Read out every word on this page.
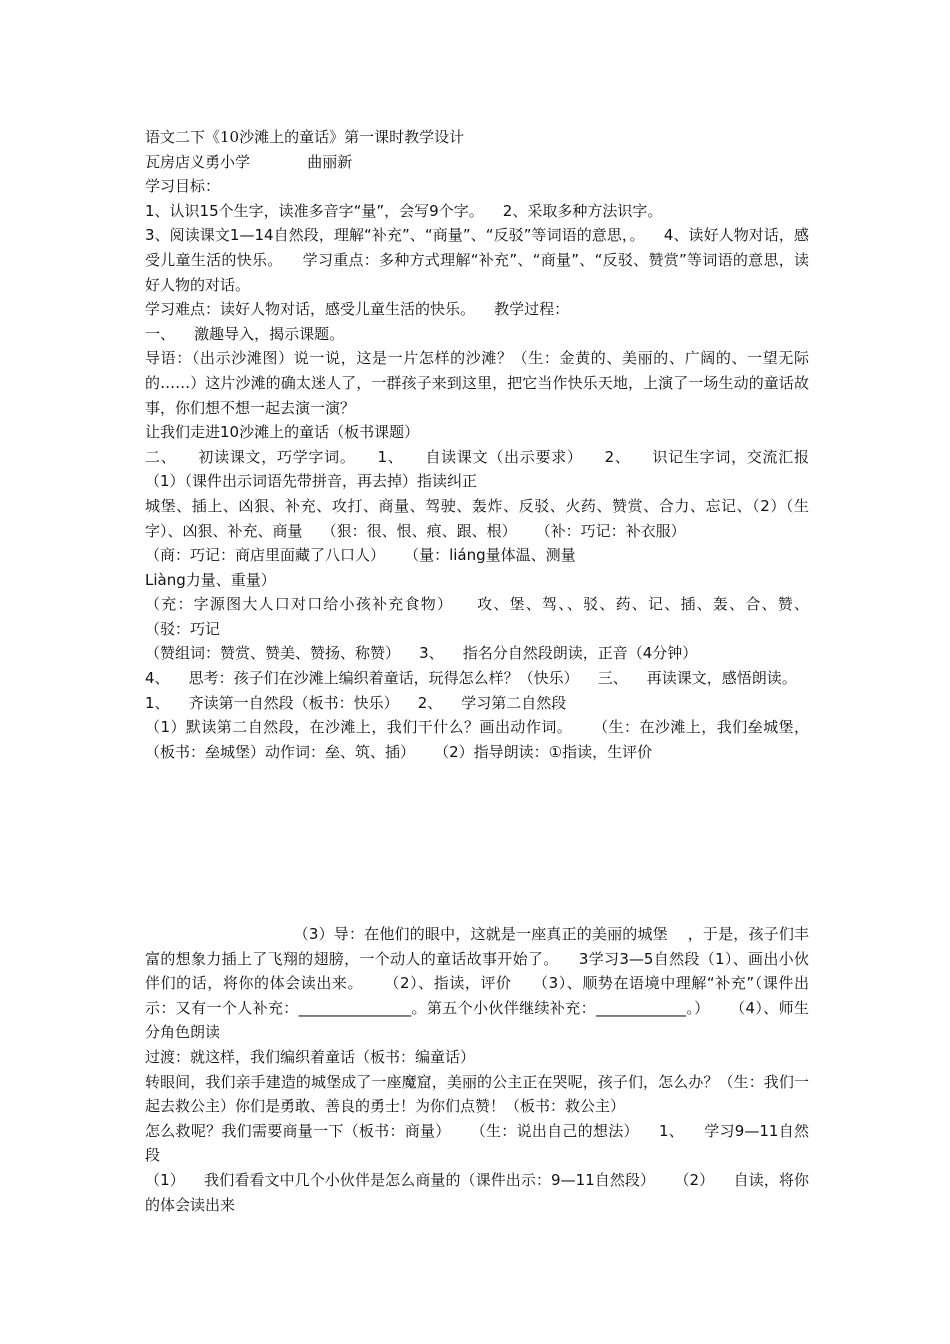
语文二下《10沙滩上的童话》第一课时教学设计

瓦房店义勇小学            曲丽新

学习目标：

1、认识15个生字，读准多音字“量”，会写9个字。    2、采取多种方法识字。

3、阅读课文1—14自然段，理解“补充”、“商量”、“反驳”等词语的意思，。    4、读好人物对话，感受儿童生活的快乐。    学习重点：多种方式理解“补充”、“商量”、“反驳、赞赏”等词语的意思，读好人物的对话。

学习难点：读好人物对话，感受儿童生活的快乐。    教学过程：

一、    激趣导入，揭示课题。

导语：（出示沙滩图）说一说，这是一片怎样的沙滩？（生：金黄的、美丽的、广阔的、一望无际的……）这片沙滩的确太迷人了，一群孩子来到这里，把它当作快乐天地，上演了一场生动的童话故事，你们想不想一起去演一演？

让我们走进10沙滩上的童话（板书课题）

二、    初读课文，巧学字词。    1、    自读课文（出示要求）    2、    识记生字词，交流汇报    （1）（课件出示词语先带拼音，再去掉）指读纠正

城堡、插上、凶狠、补充、攻打、商量、驾驶、轰炸、反驳、火药、赞赏、合力、忘记、（2）（生字）、凶狠、补充、商量    （狠：很、恨、痕、跟、根）    （补：巧记：补衣服）

（商：巧记：商店里面藏了八口人）    （量：liáng量体温、测量

Liàng力量、重量）

（充：字源图大人口对口给小孩补充食物）    攻、堡、驾、、驳、药、记、插、轰、合、赞、    （驳：巧记

（赞组词：赞赏、赞美、赞扬、称赞）    3、    指名分自然段朗读，正音（4分钟）

4、    思考：孩子们在沙滩上编织着童话，玩得怎么样？（快乐）    三、    再读课文，感悟朗读。

1、    齐读第一自然段（板书：快乐）    2、    学习第二自然段

（1）默读第二自然段，在沙滩上，我们干什么？画出动作词。    （生：在沙滩上，我们垒城堡，（板书：垒城堡）动作词：垒、筑、插）    （2）指导朗读：①指读，生评价

（3）导：在他们的眼中，这就是一座真正的美丽的城堡    ，于是，孩子们丰富的想象力插上了飞翔的翅膀，一个动人的童话故事开始了。    3学习3—5自然段（1）、画出小伙伴们的话，将你的体会读出来。    （2）、指读，评价    （3）、顺势在语境中理解“补充”（课件出示：又有一个人补充：_______________。第五个小伙伴继续补充：____________。）    （4）、师生分角色朗读

过渡：就这样，我们编织着童话（板书：编童话）

转眼间，我们亲手建造的城堡成了一座魔窟，美丽的公主正在哭呢，孩子们，怎么办？（生：我们一起去救公主）你们是勇敢、善良的勇士！为你们点赞！（板书：救公主）

怎么救呢？我们需要商量一下（板书：商量）    （生：说出自己的想法）    1、    学习9—11自然段

（1）    我们看看文中几个小伙伴是怎么商量的（课件出示：9—11自然段）    （2）    自读，将你的体会读出来
